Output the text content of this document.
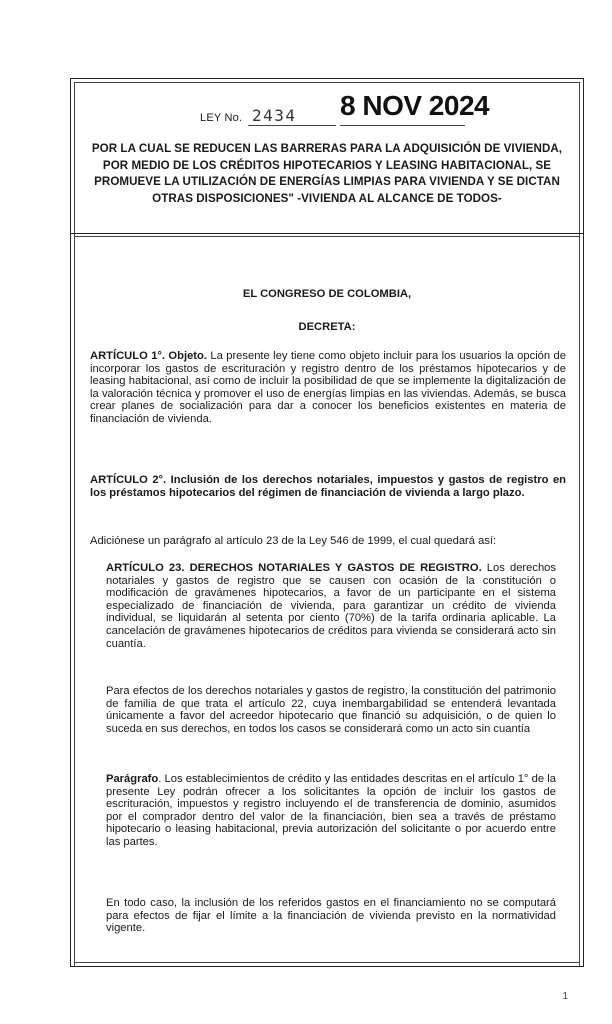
LEY No. 2434 8 NOV 2024
POR LA CUAL SE REDUCEN LAS BARRERAS PARA LA ADQUISICIÓN DE VIVIENDA, POR MEDIO DE LOS CRÉDITOS HIPOTECARIOS Y LEASING HABITACIONAL, SE PROMUEVE LA UTILIZACIÓN DE ENERGÍAS LIMPIAS PARA VIVIENDA Y SE DICTAN OTRAS DISPOSICIONES" -VIVIENDA AL ALCANCE DE TODOS-
EL CONGRESO DE COLOMBIA,
DECRETA:
ARTÍCULO 1°. Objeto. La presente ley tiene como objeto incluir para los usuarios la opción de incorporar los gastos de escrituración y registro dentro de los préstamos hipotecarios y de leasing habitacional, así como de incluir la posibilidad de que se implemente la digitalización de la valoración técnica y promover el uso de energías limpias en las viviendas. Además, se busca crear planes de socialización para dar a conocer los beneficios existentes en materia de financiación de vivienda.
ARTÍCULO 2°. Inclusión de los derechos notariales, impuestos y gastos de registro en los préstamos hipotecarios del régimen de financiación de vivienda a largo plazo.
Adiciónese un parágrafo al artículo 23 de la Ley 546 de 1999, el cual quedará así:
ARTÍCULO 23. DERECHOS NOTARIALES Y GASTOS DE REGISTRO. Los derechos notariales y gastos de registro que se causen con ocasión de la constitución o modificación de gravámenes hipotecarios, a favor de un participante en el sistema especializado de financiación de vivienda, para garantizar un crédito de vivienda individual, se liquidarán al setenta por ciento (70%) de la tarifa ordinaria aplicable. La cancelación de gravámenes hipotecarios de créditos para vivienda se considerará acto sin cuantía.
Para efectos de los derechos notariales y gastos de registro, la constitución del patrimonio de familia de que trata el artículo 22, cuya inembargabilidad se entenderá levantada únicamente a favor del acreedor hipotecario que financió su adquisición, o de quien lo suceda en sus derechos, en todos los casos se considerará como un acto sin cuantía
Parágrafo. Los establecimientos de crédito y las entidades descritas en el artículo 1° de la presente Ley podrán ofrecer a los solicitantes la opción de incluir los gastos de escrituración, impuestos y registro incluyendo el de transferencia de dominio, asumidos por el comprador dentro del valor de la financiación, bien sea a través de préstamo hipotecario o leasing habitacional, previa autorización del solicitante o por acuerdo entre las partes.
En todo caso, la inclusión de los referidos gastos en el financiamiento no se computará para efectos de fijar el límite a la financiación de vivienda previsto en la normatividad vigente.
1
